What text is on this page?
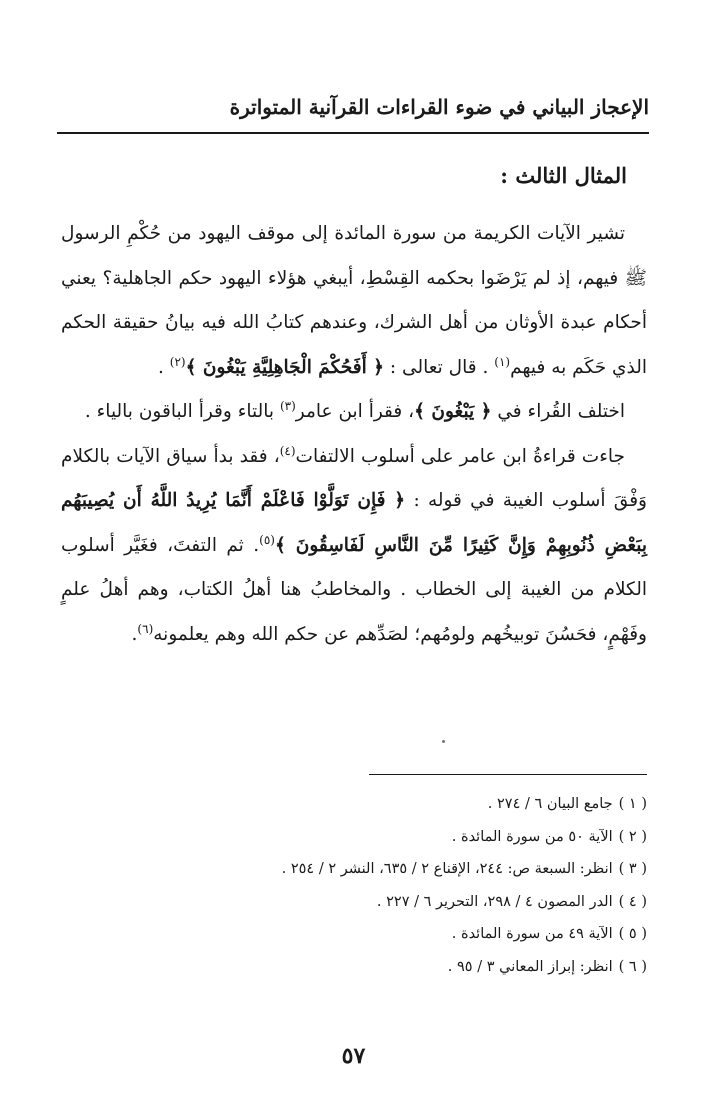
الإعجاز البياني في ضوء القراءات القرآنية المتواترة
المثال الثالث :

تشير الآيات الكريمة من سورة المائدة إلى موقف اليهود من حُكْمِ الرسول ﷺ فيهم، إذ لم يَرْضَوا بحكمه القِسْطِ، أيبغي هؤلاء اليهود حكم الجاهلية؟ يعني أحكام عبدة الأوثان من أهل الشرك، وعندهم كتابُ الله فيه بيانُ حقيقة الحكم الذي حَكَم به فيهم$^{(١)}$ . قال تعالى : ﴿ أَفَحُكْمَ الْجَاهِلِيَّةِ يَبْغُونَ ﴾$^{(٢)}$ .

اختلف القُراء في ﴿ يَبْغُونَ ﴾، فقرأ ابن عامر$^{(٣)}$ بالتاء وقرأ الباقون بالياء .

جاءت قراءةُ ابن عامر على أسلوب الالتفات$^{(٤)}$، فقد بدأ سياق الآيات بالكلام وَفْقَ أسلوب الغيبة في قوله : ﴿ فَإِن تَوَلَّوْا فَاعْلَمْ أَنَّمَا يُرِيدُ اللَّهُ أَن يُصِيبَهُم بِبَعْضِ ذُنُوبِهِمْ وَإِنَّ كَثِيرًا مِّنَ النَّاسِ لَفَاسِقُونَ ﴾$^{(٥)}$. ثم التفتَ، فغَيَّر أسلوب الكلام من الغيبة إلى الخطاب . والمخاطبُ هنا أهلُ الكتاب، وهم أهلُ علمٍ وفَهْمٍ، فحَسُنَ توبيخُهم ولومُهم؛ لصَدِّهم عن حكم الله وهم يعلمونه$^{(٦)}$.

( ١ )جامع البيان ٦ / ٢٧٤ .
( ٢ )الآية ٥٠ من سورة المائدة .
( ٣ )انظر: السبعة ص: ٢٤٤، الإقناع ٢ / ٦٣٥، النشر ٢ / ٢٥٤ .
( ٤ )الدر المصون ٤ / ٢٩٨، التحرير ٦ / ٢٢٧ .
( ٥ )الآية ٤٩ من سورة المائدة .
( ٦ )انظر: إبراز المعاني ٣ / ٩٥ .
٥٧
